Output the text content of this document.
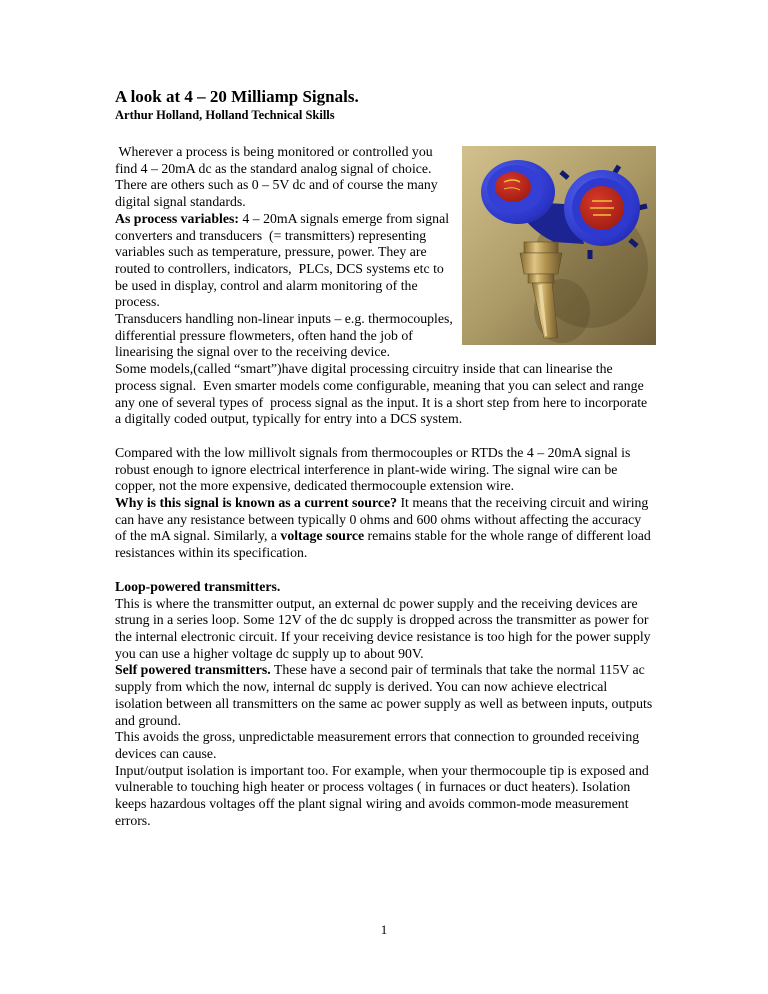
A look at 4 – 20 Milliamp Signals.
Arthur Holland, Holland Technical Skills

Wherever a process is being monitored or controlled you find 4 – 20mA dc as the standard analog signal of choice. There are others such as 0 – 5V dc and of course the many digital signal standards.
As process variables: 4 – 20mA signals emerge from signal converters and transducers  (= transmitters) representing variables such as temperature, pressure, power. They are routed to controllers, indicators,  PLCs, DCS systems etc to be used in display, control and alarm monitoring of the process.
Transducers handling non-linear inputs – e.g. thermocouples, differential pressure flowmeters, often hand the job of linearising the signal over to the receiving device.
Some models,(called “smart”)have digital processing circuitry inside that can linearise the process signal.  Even smarter models come configurable, meaning that you can select and range any one of several types of  process signal as the input. It is a short step from here to incorporate a digitally coded output, typically for entry into a DCS system.

Compared with the low millivolt signals from thermocouples or RTDs the 4 – 20mA signal is robust enough to ignore electrical interference in plant-wide wiring. The signal wire can be copper, not the more expensive, dedicated thermocouple extension wire.
Why is this signal is known as a current source? It means that the receiving circuit and wiring can have any resistance between typically 0 ohms and 600 ohms without affecting the accuracy of the mA signal. Similarly, a voltage source remains stable for the whole range of different load resistances within its specification.

Loop-powered transmitters.
This is where the transmitter output, an external dc power supply and the receiving devices are strung in a series loop. Some 12V of the dc supply is dropped across the transmitter as power for the internal electronic circuit. If your receiving device resistance is too high for the power supply you can use a higher voltage dc supply up to about 90V.
Self powered transmitters. These have a second pair of terminals that take the normal 115V ac supply from which the now, internal dc supply is derived. You can now achieve electrical isolation between all transmitters on the same ac power supply as well as between inputs, outputs and ground.
This avoids the gross, unpredictable measurement errors that connection to grounded receiving devices can cause.
Input/output isolation is important too. For example, when your thermocouple tip is exposed and vulnerable to touching high heater or process voltages ( in furnaces or duct heaters). Isolation keeps hazardous voltages off the plant signal wiring and avoids common-mode measurement errors.

1
